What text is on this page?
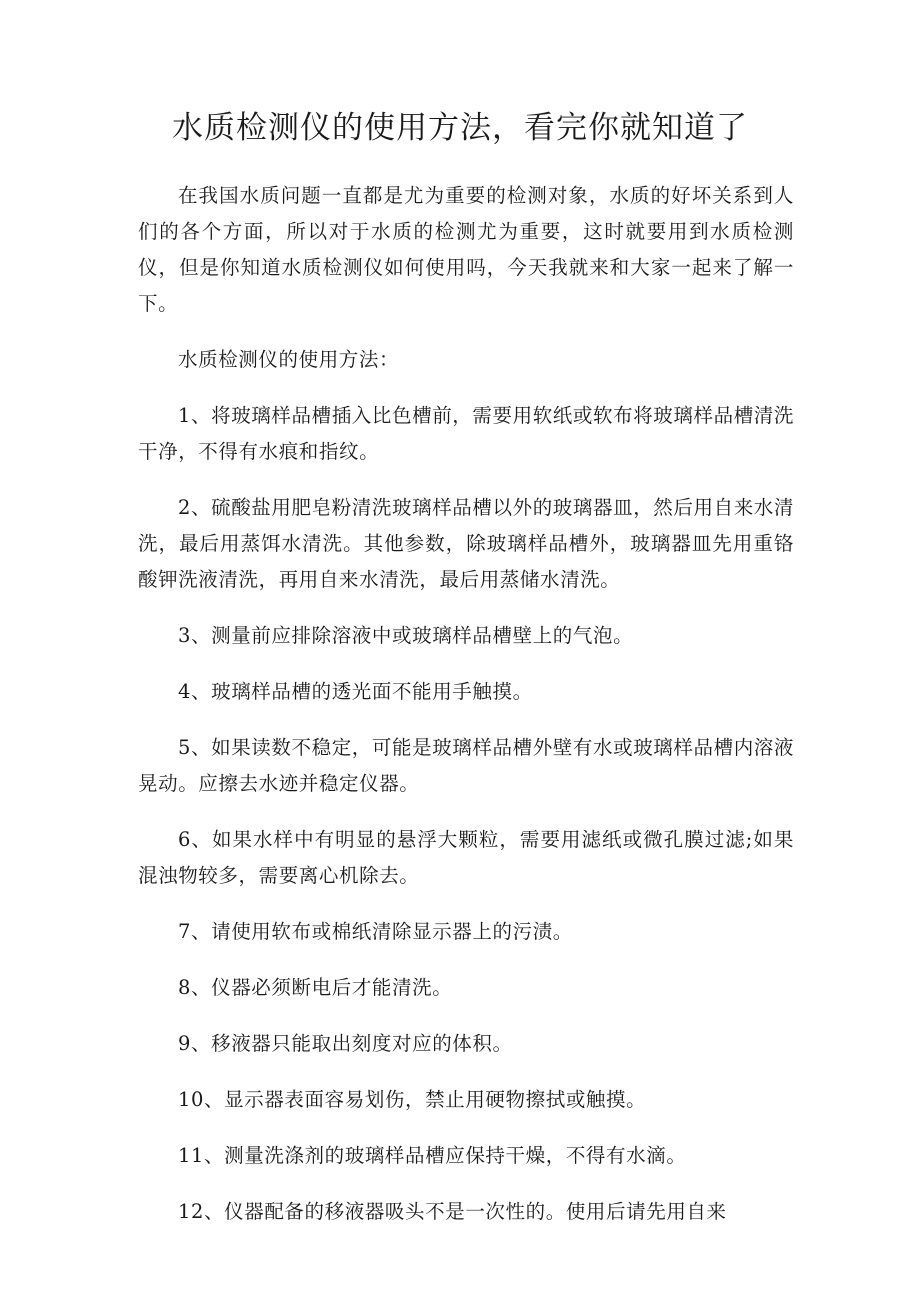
水质检测仪的使用方法，看完你就知道了

在我国水质问题一直都是尤为重要的检测对象，水质的好坏关系到人们的各个方面，所以对于水质的检测尤为重要，这时就要用到水质检测仪，但是你知道水质检测仪如何使用吗，今天我就来和大家一起来了解一下。

水质检测仪的使用方法：

1、将玻璃样品槽插入比色槽前，需要用软纸或软布将玻璃样品槽清洗干净，不得有水痕和指纹。

2、硫酸盐用肥皂粉清洗玻璃样品槽以外的玻璃器皿，然后用自来水清洗，最后用蒸饵水清洗。其他参数，除玻璃样品槽外，玻璃器皿先用重铬酸钾洗液清洗，再用自来水清洗，最后用蒸储水清洗。

3、测量前应排除溶液中或玻璃样品槽壁上的气泡。

4、玻璃样品槽的透光面不能用手触摸。

5、如果读数不稳定，可能是玻璃样品槽外壁有水或玻璃样品槽内溶液晃动。应擦去水迹并稳定仪器。

6、如果水样中有明显的悬浮大颗粒，需要用滤纸或微孔膜过滤;如果混浊物较多，需要离心机除去。

7、请使用软布或棉纸清除显示器上的污渍。

8、仪器必须断电后才能清洗。

9、移液器只能取出刻度对应的体积。

10、显示器表面容易划伤，禁止用硬物擦拭或触摸。

11、测量洗涤剂的玻璃样品槽应保持干燥，不得有水滴。

12、仪器配备的移液器吸头不是一次性的。使用后请先用自来
